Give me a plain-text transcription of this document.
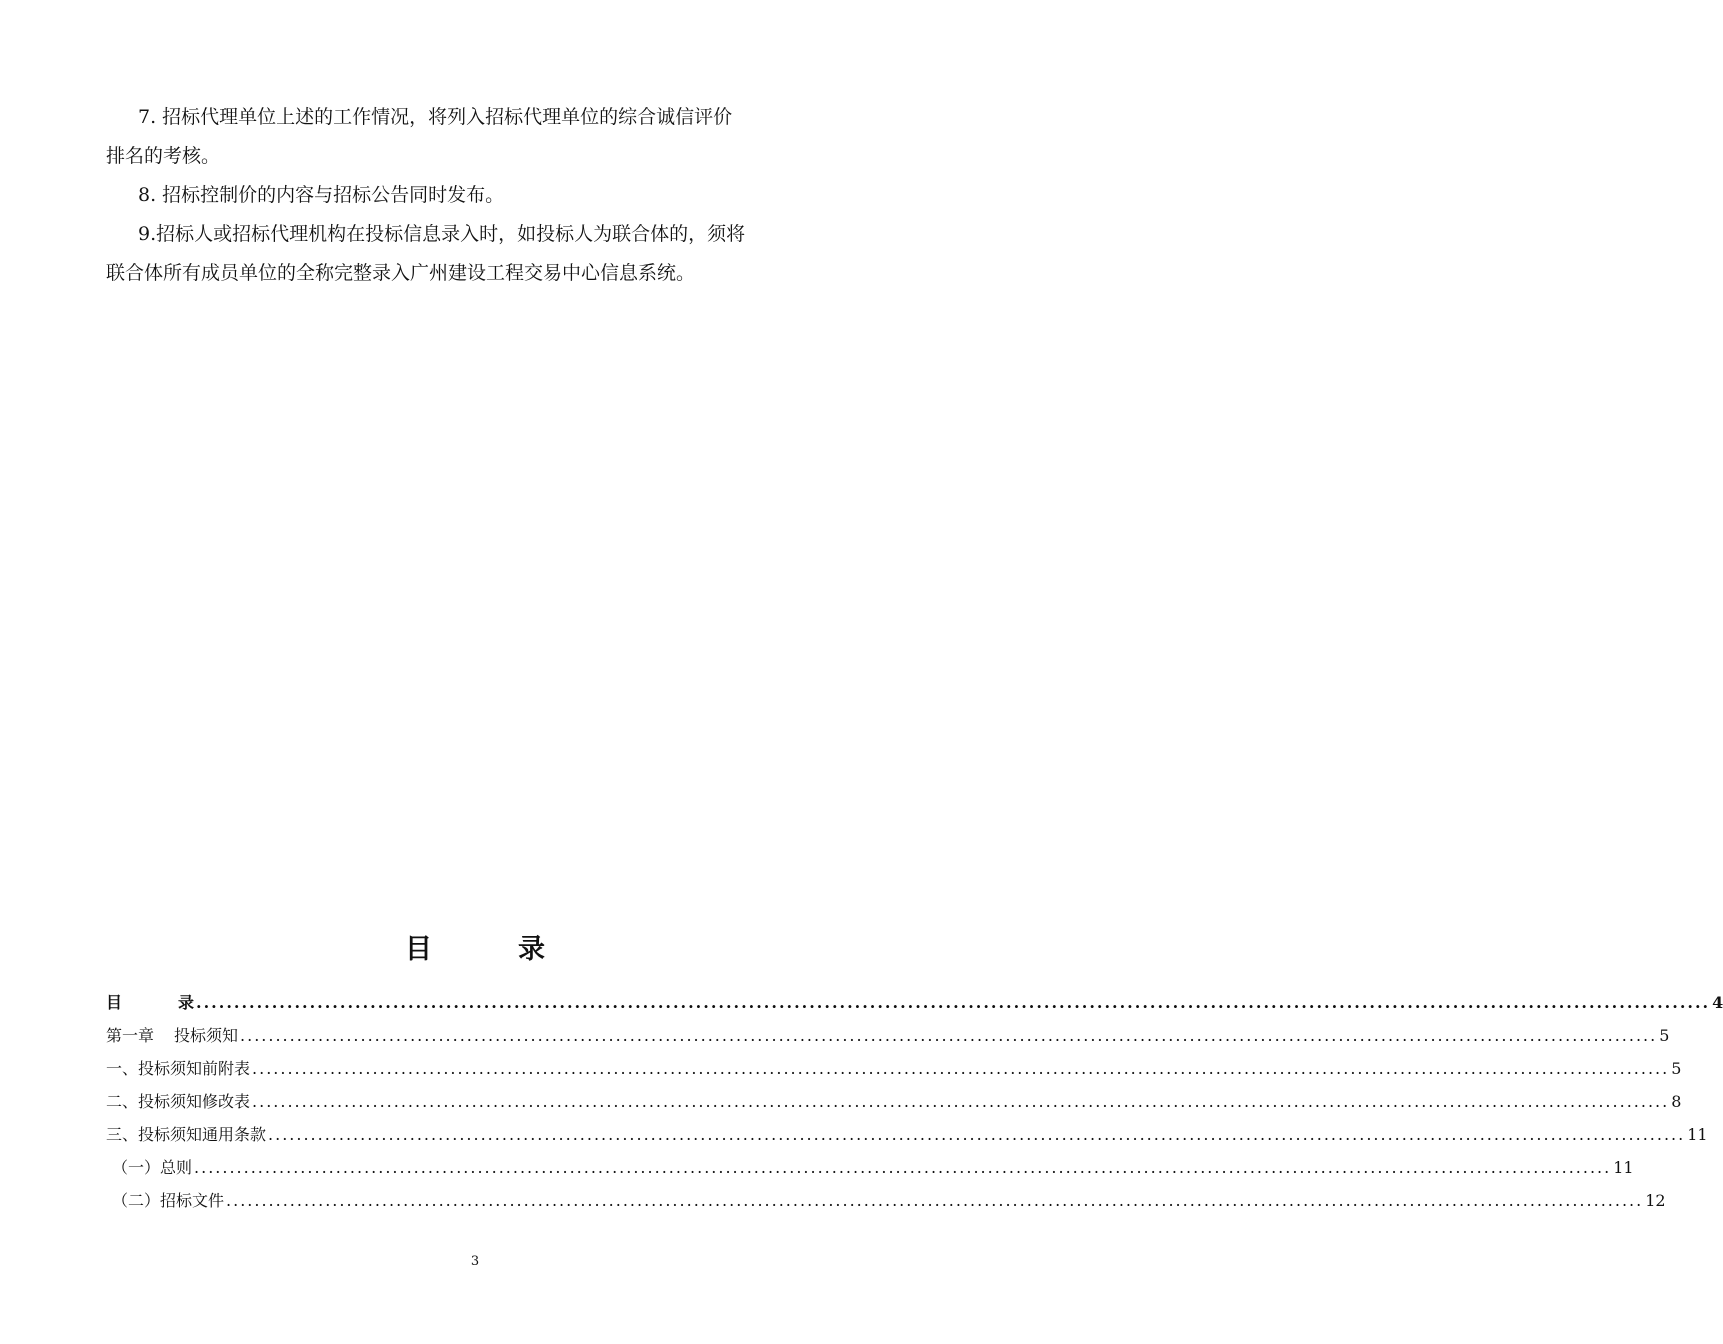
7. 招标代理单位上述的工作情况，将列入招标代理单位的综合诚信评价
排名的考核。

8. 招标控制价的内容与招标公告同时发布。

9.招标人或招标代理机构在投标信息录入时，如投标人为联合体的，须将
联合体所有成员单位的全称完整录入广州建设工程交易中心信息系统。

目	录
目	录 ........................................................................................................................................................................................................ 4
第一章 投标须知 ........................................................................................................................................................................................................ 5
一、投标须知前附表 ........................................................................................................................................................................................................ 5
二、投标须知修改表 ........................................................................................................................................................................................................ 8
三、投标须知通用条款 ........................................................................................................................................................................................................ 11
（一）总则 ........................................................................................................................................................................................................ 11
（二）招标文件 ........................................................................................................................................................................................................ 12
3
